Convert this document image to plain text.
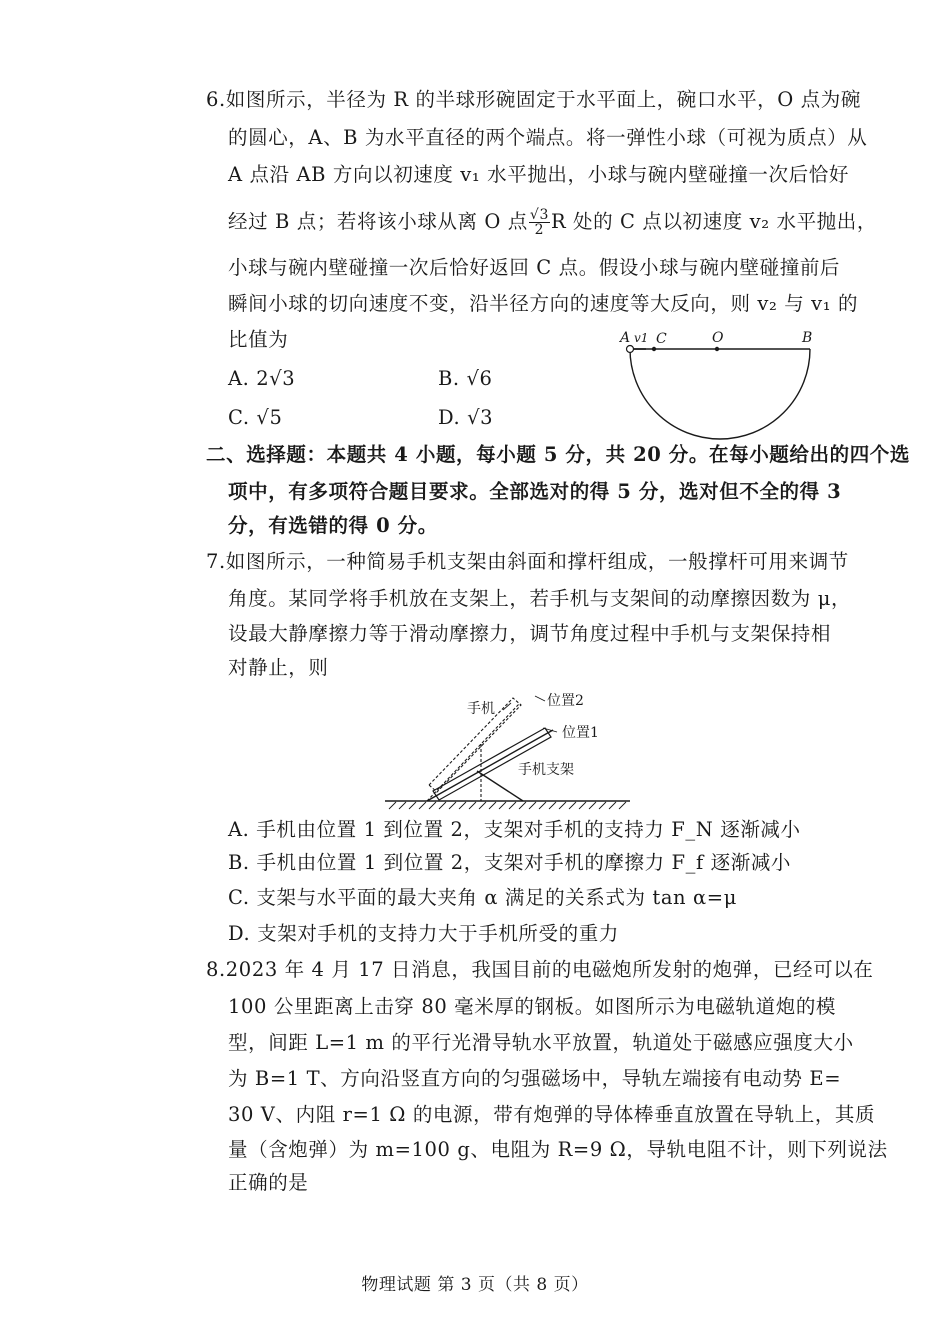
6.如图所示，半径为 R 的半球形碗固定于水平面上，碗口水平，O 点为碗
的圆心，A、B 为水平直径的两个端点。将一弹性小球（可视为质点）从
A 点沿 AB 方向以初速度 v₁ 水平抛出，小球与碗内壁碰撞一次后恰好
经过 B 点；若将该小球从离 O 点 $\frac{√3}{2}$ R 处的 C 点以初速度 v₂ 水平抛出，
小球与碗内壁碰撞一次后恰好返回 C 点。假设小球与碗内壁碰撞前后
瞬间小球的切向速度不变，沿半径方向的速度等大反向，则 v₂ 与 v₁ 的
比值为
A. 2√3	B. √6
C. √5	D. √3
A v1 C	O	B
二、选择题：本题共 4 小题，每小题 5 分，共 20 分。在每小题给出的四个选
项中，有多项符合题目要求。全部选对的得 5 分，选对但不全的得 3
分，有选错的得 0 分。
7.如图所示，一种简易手机支架由斜面和撑杆组成，一般撑杆可用来调节
角度。某同学将手机放在支架上，若手机与支架间的动摩擦因数为 μ，
设最大静摩擦力等于滑动摩擦力，调节角度过程中手机与支架保持相
对静止，则
手机	位置2
位置1
手机支架
A. 手机由位置 1 到位置 2，支架对手机的支持力 F_N 逐渐减小
B. 手机由位置 1 到位置 2，支架对手机的摩擦力 F_f 逐渐减小
C. 支架与水平面的最大夹角 α 满足的关系式为 tan α=μ
D. 支架对手机的支持力大于手机所受的重力
8.2023 年 4 月 17 日消息，我国目前的电磁炮所发射的炮弹，已经可以在
100 公里距离上击穿 80 毫米厚的钢板。如图所示为电磁轨道炮的模
型，间距 L=1 m 的平行光滑导轨水平放置，轨道处于磁感应强度大小
为 B=1 T、方向沿竖直方向的匀强磁场中，导轨左端接有电动势 E=
30 V、内阻 r=1 Ω 的电源，带有炮弹的导体棒垂直放置在导轨上，其质
量（含炮弹）为 m=100 g、电阻为 R=9 Ω，导轨电阻不计，则下列说法
正确的是
物理试题 第 3 页（共 8 页）
